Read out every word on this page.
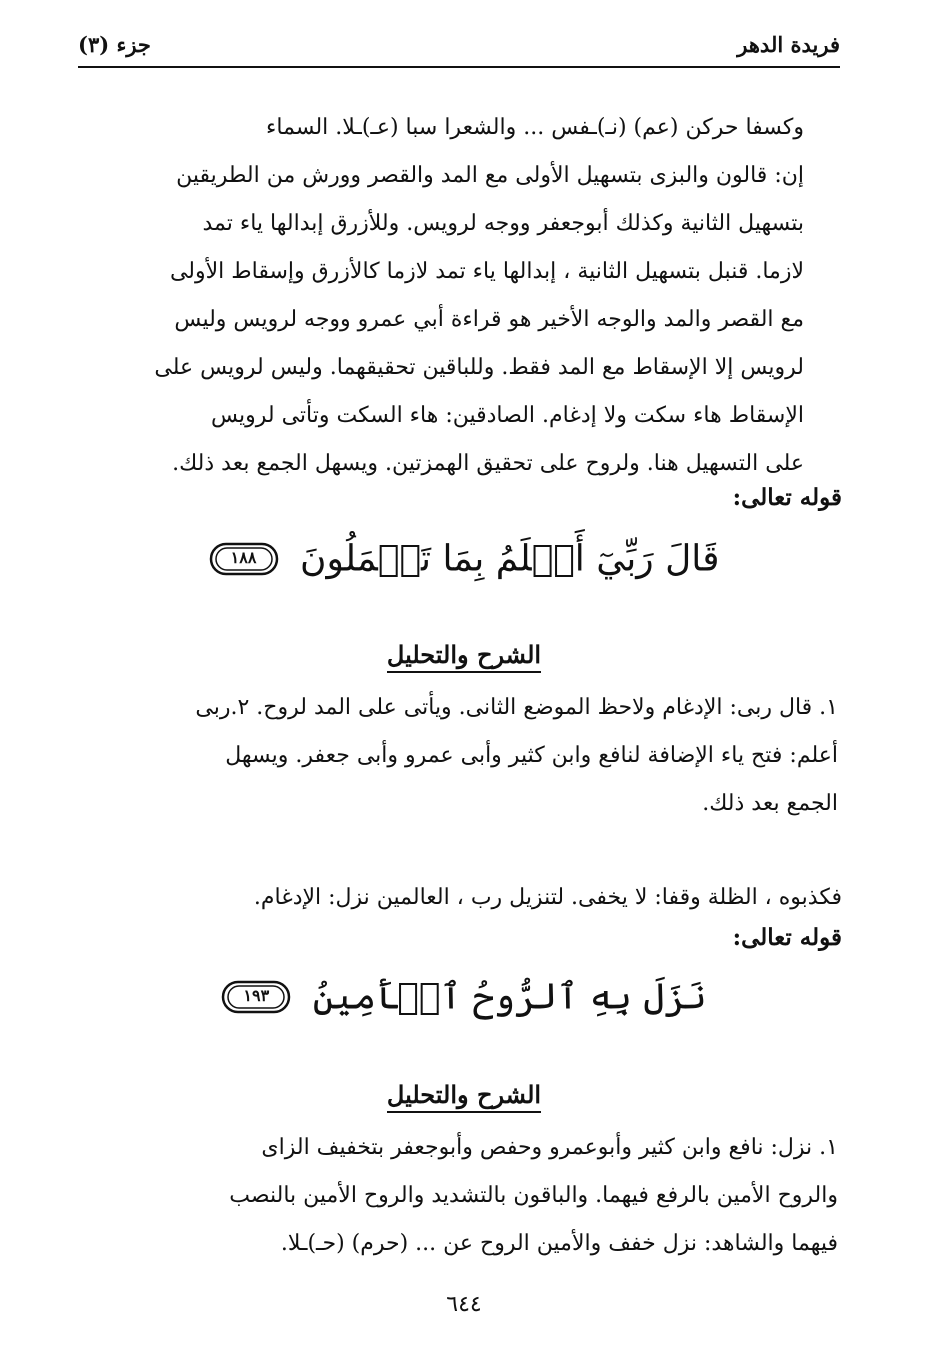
فريدة الدهر
جزء (٣)

وكسفا حركن (عم) (نـ)ـفس ... والشعرا سبا (عـ)ـلا. السماء

إن: قالون والبزى بتسهيل الأولى مع المد والقصر وورش من الطريقين

بتسهيل الثانية وكذلك أبوجعفر ووجه لرويس. وللأزرق إبدالها ياء تمد

لازما. قنبل بتسهيل الثانية ، إبدالها ياء تمد لازما كالأزرق وإسقاط الأولى

مع القصر والمد والوجه الأخير هو قراءة أبي عمرو ووجه لرويس وليس

لرويس إلا الإسقاط مع المد فقط. وللباقين تحقيقهما. وليس لرويس على

الإسقاط هاء سكت ولا إدغام. الصادقين: هاء السكت وتأتى لرويس

على التسهيل هنا. ولروح على تحقيق الهمزتين. ويسهل الجمع بعد ذلك.

قوله تعالى:
قَالَ رَبِّيٓ أَعۡلَمُ بِمَا تَعۡمَلُونَ
١٨٨
الشرح والتحليل

١. قال ربى: الإدغام ولاحظ الموضع الثانى. ويأتى على المد لروح. ٢.ربى

أعلم: فتح ياء الإضافة لنافع وابن كثير وأبى عمرو وأبى جعفر. ويسهل

الجمع بعد ذلك.

فكذبوه ، الظلة وقفا: لا يخفى. لتنزيل رب ، العالمين نزل: الإدغام.
قوله تعالى:
نَزَلَ بِهِ ٱلرُّوحُ ٱلۡأَمِينُ
١٩٣
الشرح والتحليل

١. نزل: نافع وابن كثير وأبوعمرو وحفص وأبوجعفر بتخفيف الزاى

والروح الأمين بالرفع فيهما. والباقون بالتشديد والروح الأمين بالنصب

فيهما والشاهد: نزل خفف والأمين الروح عن ... (حرم) (حـ)ـلا.

٦٤٤
